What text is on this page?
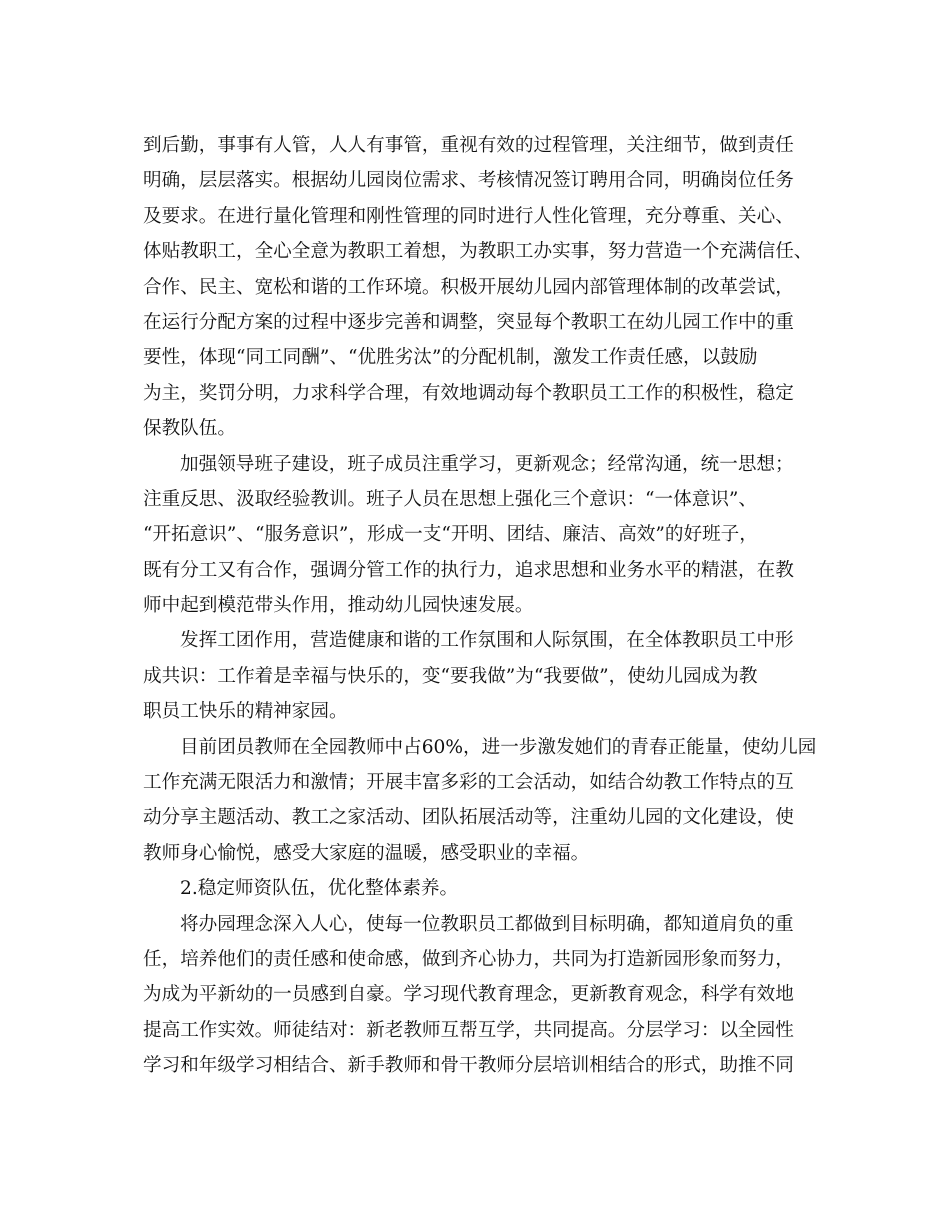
到后勤，事事有人管，人人有事管，重视有效的过程管理，关注细节，做到责任
明确，层层落实。根据幼儿园岗位需求、考核情况签订聘用合同，明确岗位任务
及要求。在进行量化管理和刚性管理的同时进行人性化管理，充分尊重、关心、
体贴教职工，全心全意为教职工着想，为教职工办实事，努力营造一个充满信任、
合作、民主、宽松和谐的工作环境。积极开展幼儿园内部管理体制的改革尝试，
在运行分配方案的过程中逐步完善和调整，突显每个教职工在幼儿园工作中的重
要性，体现“同工同酬”、“优胜劣汰”的分配机制，激发工作责任感，以鼓励
为主，奖罚分明，力求科学合理，有效地调动每个教职员工工作的积极性，稳定
保教队伍。
加强领导班子建设，班子成员注重学习，更新观念；经常沟通，统一思想；
注重反思、汲取经验教训。班子人员在思想上强化三个意识：“一体意识”、
“开拓意识”、“服务意识”，形成一支“开明、团结、廉洁、高效”的好班子，
既有分工又有合作，强调分管工作的执行力，追求思想和业务水平的精湛，在教
师中起到模范带头作用，推动幼儿园快速发展。
发挥工团作用，营造健康和谐的工作氛围和人际氛围，在全体教职员工中形
成共识：工作着是幸福与快乐的，变“要我做”为“我要做”，使幼儿园成为教
职员工快乐的精神家园。
目前团员教师在全园教师中占60%，进一步激发她们的青春正能量，使幼儿园
工作充满无限活力和激情；开展丰富多彩的工会活动，如结合幼教工作特点的互
动分享主题活动、教工之家活动、团队拓展活动等，注重幼儿园的文化建设，使
教师身心愉悦，感受大家庭的温暖，感受职业的幸福。
2.稳定师资队伍，优化整体素养。
将办园理念深入人心，使每一位教职员工都做到目标明确，都知道肩负的重
任，培养他们的责任感和使命感，做到齐心协力，共同为打造新园形象而努力，
为成为平新幼的一员感到自豪。学习现代教育理念，更新教育观念，科学有效地
提高工作实效。师徒结对：新老教师互帮互学，共同提高。分层学习：以全园性
学习和年级学习相结合、新手教师和骨干教师分层培训相结合的形式，助推不同
